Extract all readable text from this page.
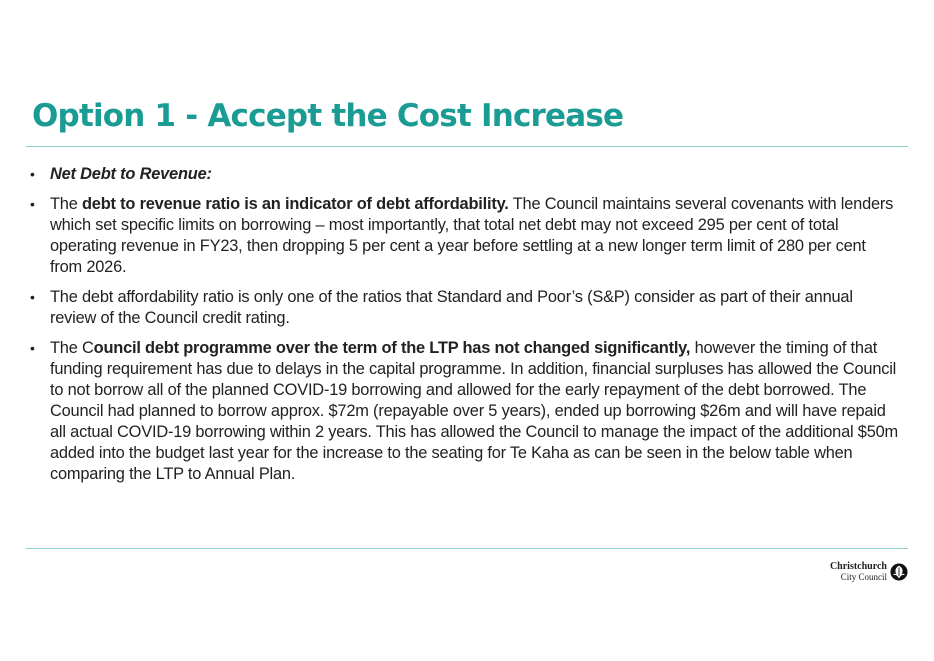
Option 1 - Accept the Cost Increase
• Net Debt to Revenue:
• The debt to revenue ratio is an indicator of debt affordability. The Council maintains several covenants with lenders which set specific limits on borrowing – most importantly, that total net debt may not exceed 295 per cent of total operating revenue in FY23, then dropping 5 per cent a year before settling at a new longer term limit of 280 per cent from 2026.
• The debt affordability ratio is only one of the ratios that Standard and Poor’s (S&P) consider as part of their annual review of the Council credit rating.
• The Council debt programme over the term of the LTP has not changed significantly, however the timing of that funding requirement has due to delays in the capital programme. In addition, financial surpluses has allowed the Council to not borrow all of the planned COVID-19 borrowing and allowed for the early repayment of the debt borrowed. The Council had planned to borrow approx. $72m (repayable over 5 years), ended up borrowing $26m and will have repaid all actual COVID-19 borrowing within 2 years. This has allowed the Council to manage the impact of the additional $50m added into the budget last year for the increase to the seating for Te Kaha as can be seen in the below table when comparing the LTP to Annual Plan.
Christchurch
City Council
